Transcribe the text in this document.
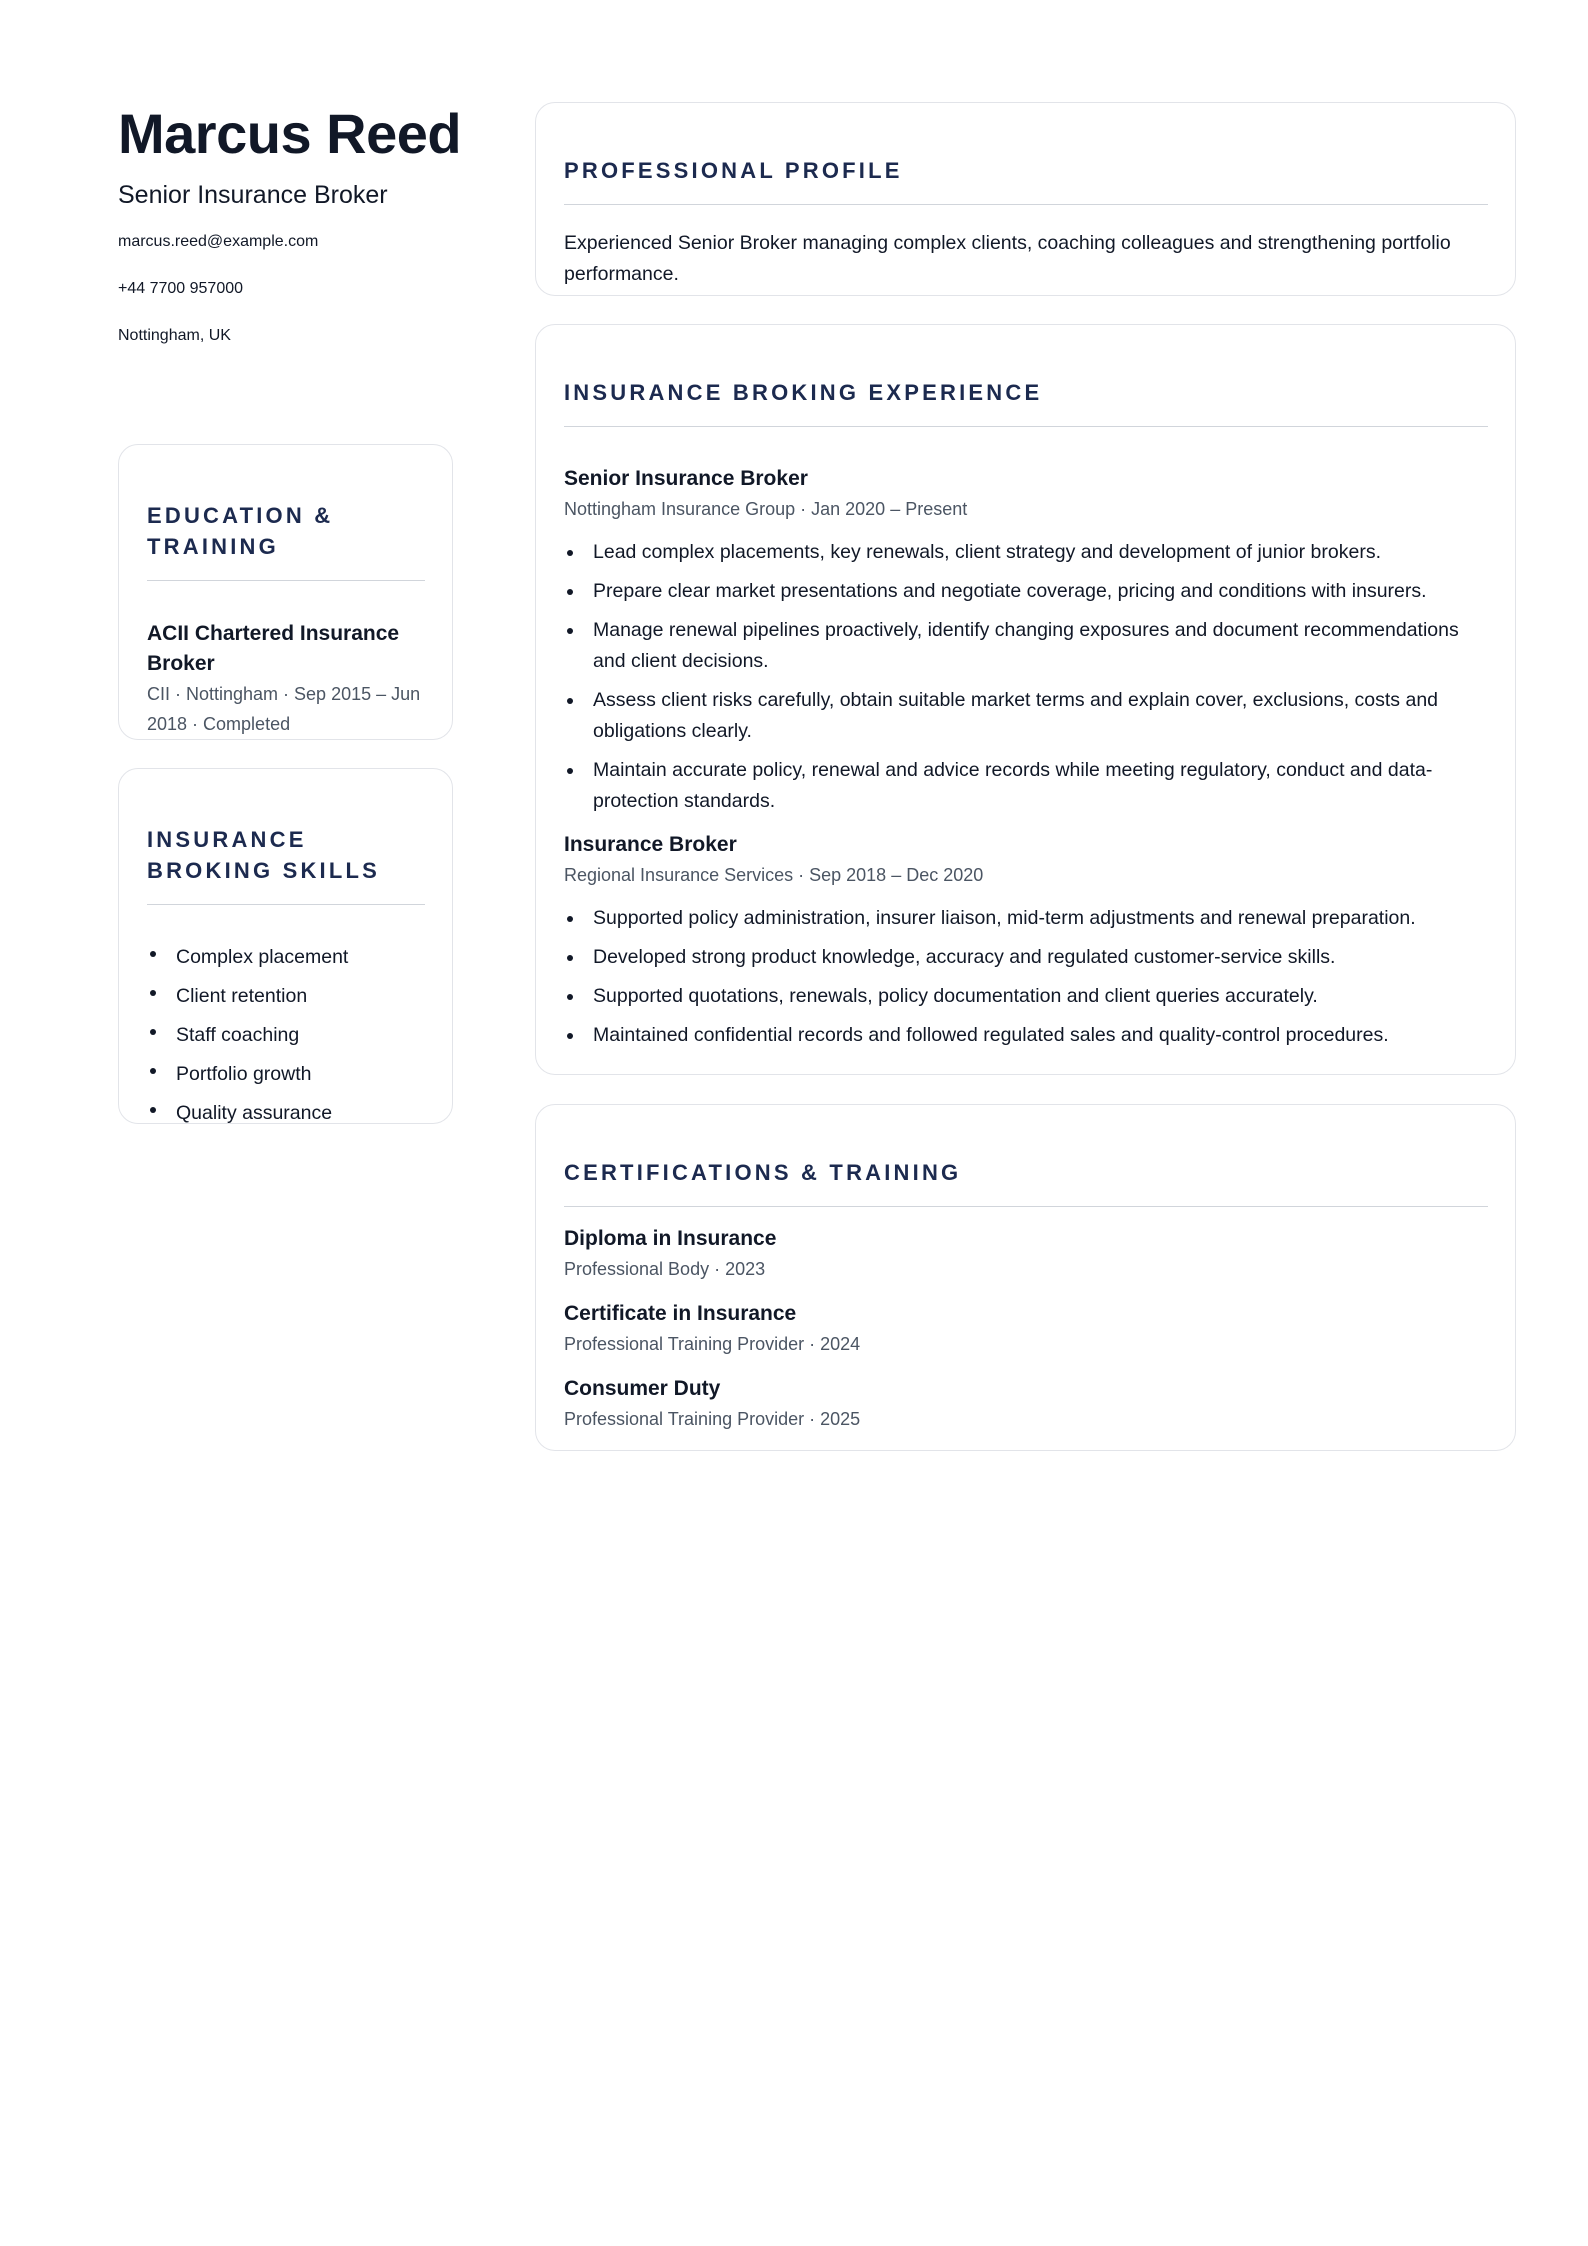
Marcus Reed
Senior Insurance Broker
marcus.reed@example.com
+44 7700 957000
Nottingham, UK
EDUCATION & TRAINING
ACII Chartered Insurance Broker
CII · Nottingham · Sep 2015 – Jun 2018 · Completed
INSURANCE BROKING SKILLS
Complex placement
Client retention
Staff coaching
Portfolio growth
Quality assurance
PROFESSIONAL PROFILE
Experienced Senior Broker managing complex clients, coaching colleagues and strengthening portfolio performance.
INSURANCE BROKING EXPERIENCE
Senior Insurance Broker
Nottingham Insurance Group · Jan 2020 – Present
Lead complex placements, key renewals, client strategy and development of junior brokers.
Prepare clear market presentations and negotiate coverage, pricing and conditions with insurers.
Manage renewal pipelines proactively, identify changing exposures and document recommendations and client decisions.
Assess client risks carefully, obtain suitable market terms and explain cover, exclusions, costs and obligations clearly.
Maintain accurate policy, renewal and advice records while meeting regulatory, conduct and data-protection standards.
Insurance Broker
Regional Insurance Services · Sep 2018 – Dec 2020
Supported policy administration, insurer liaison, mid-term adjustments and renewal preparation.
Developed strong product knowledge, accuracy and regulated customer-service skills.
Supported quotations, renewals, policy documentation and client queries accurately.
Maintained confidential records and followed regulated sales and quality-control procedures.
CERTIFICATIONS & TRAINING
Diploma in Insurance
Professional Body · 2023
Certificate in Insurance
Professional Training Provider · 2024
Consumer Duty
Professional Training Provider · 2025
